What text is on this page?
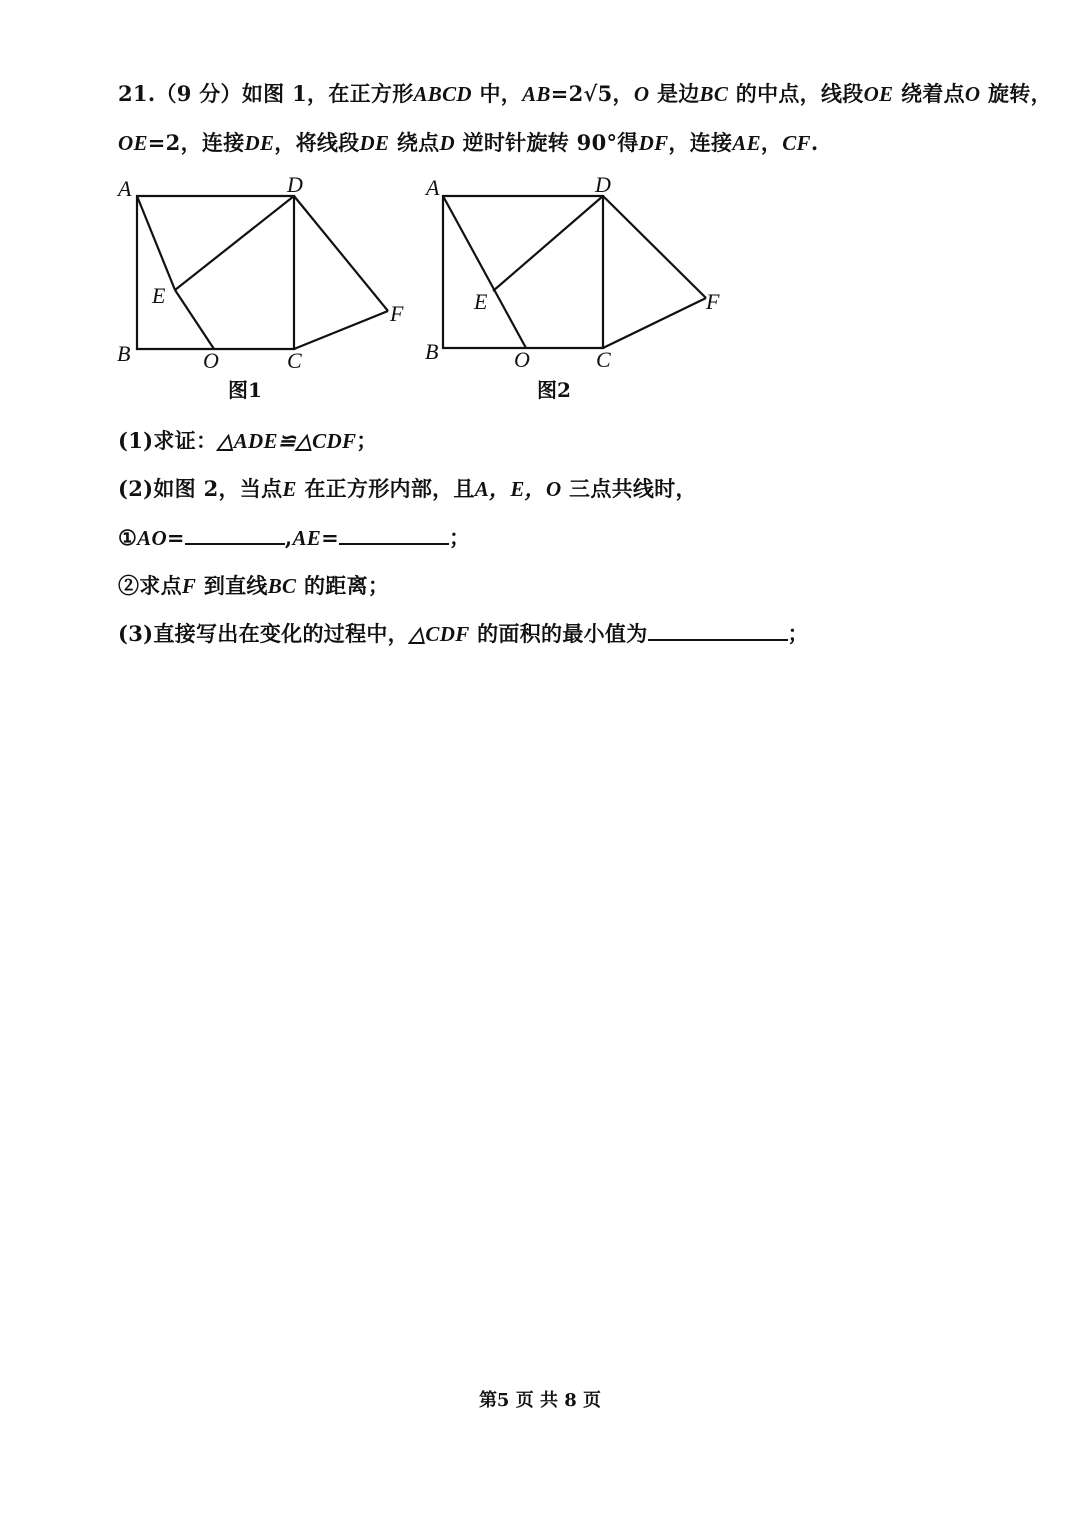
21.（9 分）如图 1，在正方形ABCD 中，AB=2√5，O 是边BC 的中点，线段OE 绕着点O 旋转，
OE=2，连接DE，将线段DE 绕点D 逆时针旋转 90°得DF，连接AE，CF.
A	D
E
F
B	O	C
图1
A	D
E	F
B	O	C
图2
(1)求证：△ADE≌△CDF；
(2)如图 2，当点E 在正方形内部，且A，E，O 三点共线时，
①AO=	,AE=	；
②求点F 到直线BC 的距离；
(3)直接写出在变化的过程中，△CDF 的面积的最小值为	；
第5 页 共 8 页
